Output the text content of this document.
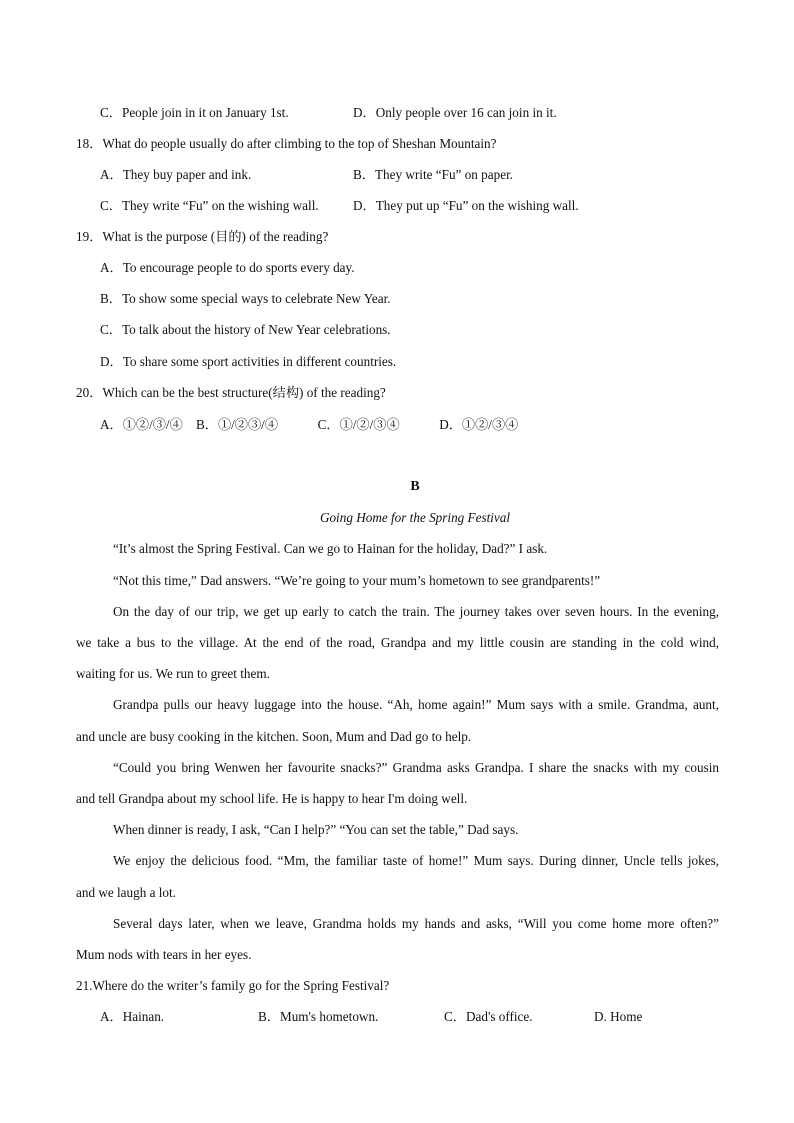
C．People join in it on January 1st.	D．Only people over 16 can join in it.
18．What do people usually do after climbing to the top of Sheshan Mountain?
A．They buy paper and ink.	B．They write “Fu” on paper.
C．They write “Fu” on the wishing wall.	D．They put up “Fu” on the wishing wall.
19．What is the purpose (目的) of the reading?
A．To encourage people to do sports every day.
B．To show some special ways to celebrate New Year.
C．To talk about the history of New Year celebrations.
D．To share some sport activities in different countries.
20．Which can be the best structure(结构) of the reading?
A．①②/③/④　B．①/②③/④　　　C．①/②/③④　　　D．①②/③④
B
Going Home for the Spring Festival
“It’s almost the Spring Festival. Can we go to Hainan for the holiday, Dad?” I ask.
“Not this time,” Dad answers. “We’re going to your mum’s hometown to see grandparents!”
On the day of our trip, we get up early to catch the train. The journey takes over seven hours. In the evening,
we take a bus to the village. At the end of the road, Grandpa and my little cousin are standing in the cold wind,
waiting for us. We run to greet them.
Grandpa pulls our heavy luggage into the house. “Ah, home again!” Mum says with a smile. Grandma, aunt,
and uncle are busy cooking in the kitchen. Soon, Mum and Dad go to help.
“Could you bring Wenwen her favourite snacks?” Grandma asks Grandpa. I share the snacks with my cousin
and tell Grandpa about my school life. He is happy to hear I'm doing well.
When dinner is ready, I ask, “Can I help?” “You can set the table,” Dad says.
We enjoy the delicious food. “Mm, the familiar taste of home!” Mum says. During dinner, Uncle tells jokes,
and we laugh a lot.
Several days later, when we leave, Grandma holds my hands and asks, “Will you come home more often?”
Mum nods with tears in her eyes.
21.Where do the writer’s family go for the Spring Festival?
A．Hainan.	B．Mum's hometown.	C．Dad's office.	D. Home
